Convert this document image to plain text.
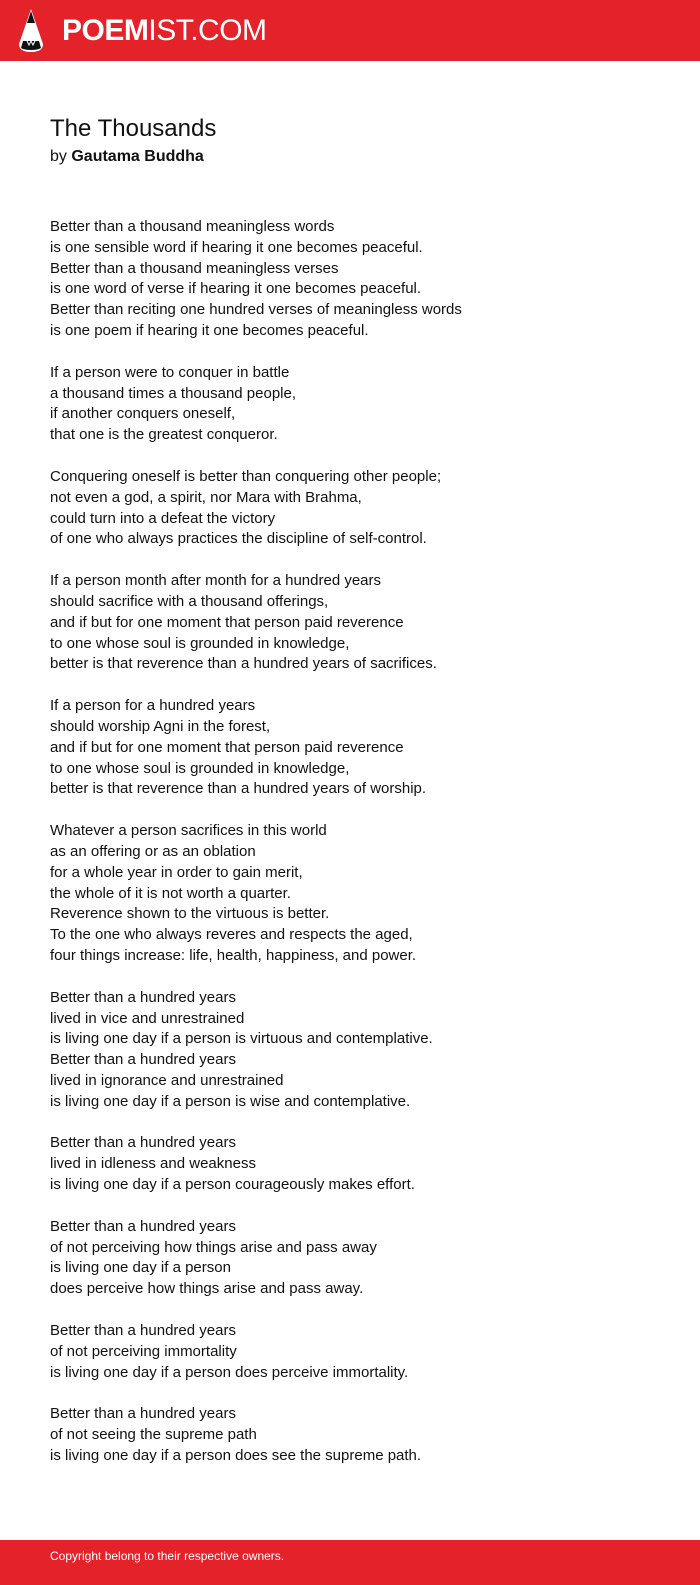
POEMIST.COM
The Thousands

by Gautama Buddha

Better than a thousand meaningless words
is one sensible word if hearing it one becomes peaceful.
Better than a thousand meaningless verses
is one word of verse if hearing it one becomes peaceful.
Better than reciting one hundred verses of meaningless words
is one poem if hearing it one becomes peaceful.
If a person were to conquer in battle
a thousand times a thousand people,
if another conquers oneself,
that one is the greatest conqueror.
Conquering oneself is better than conquering other people;
not even a god, a spirit, nor Mara with Brahma,
could turn into a defeat the victory
of one who always practices the discipline of self-control.
If a person month after month for a hundred years
should sacrifice with a thousand offerings,
and if but for one moment that person paid reverence
to one whose soul is grounded in knowledge,
better is that reverence than a hundred years of sacrifices.
If a person for a hundred years
should worship Agni in the forest,
and if but for one moment that person paid reverence
to one whose soul is grounded in knowledge,
better is that reverence than a hundred years of worship.
Whatever a person sacrifices in this world
as an offering or as an oblation
for a whole year in order to gain merit,
the whole of it is not worth a quarter.
Reverence shown to the virtuous is better.
To the one who always reveres and respects the aged,
four things increase: life, health, happiness, and power.
Better than a hundred years
lived in vice and unrestrained
is living one day if a person is virtuous and contemplative.
Better than a hundred years
lived in ignorance and unrestrained
is living one day if a person is wise and contemplative.
Better than a hundred years
lived in idleness and weakness
is living one day if a person courageously makes effort.
Better than a hundred years
of not perceiving how things arise and pass away
is living one day if a person
does perceive how things arise and pass away.
Better than a hundred years
of not perceiving immortality
is living one day if a person does perceive immortality.
Better than a hundred years
of not seeing the supreme path
is living one day if a person does see the supreme path.
Copyright belong to their respective owners.
